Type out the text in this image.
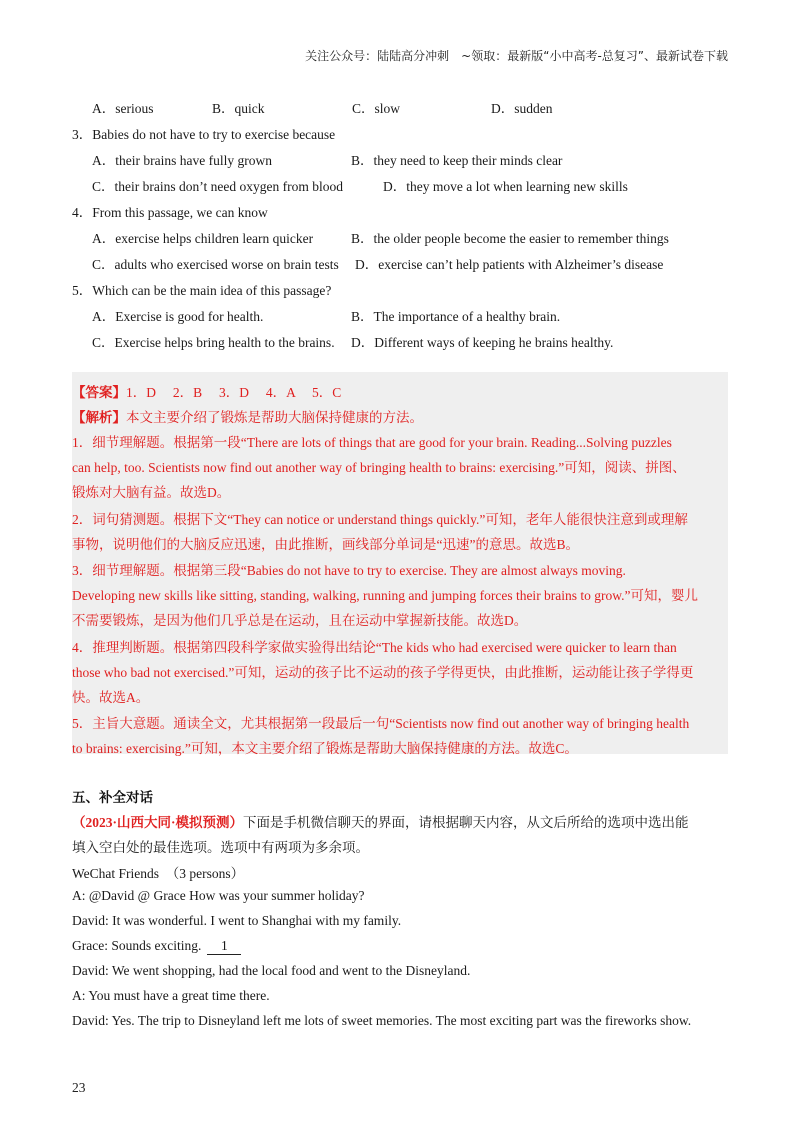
关注公众号：陆陆高分冲刺　~领取：最新版“小中高考-总复习”、最新试卷下载
A．serious	B．quick	C．slow	D．sudden
3．Babies do not have to try to exercise because
A．their brains have fully grown	B．they need to keep their minds clear
C．their brains don’t need oxygen from blood	D．they move a lot when learning new skills
4．From this passage, we can know
A．exercise helps children learn quicker	B．the older people become the easier to remember things
C．adults who exercised worse on brain tests D．exercise can’t help patients with Alzheimer’s disease
5．Which can be the main idea of this passage?
A．Exercise is good for health.	B．The importance of a healthy brain.
C．Exercise helps bring health to the brains. D．Different ways of keeping he brains healthy.
【答案】1．D　 2．B　 3．D　 4．A　 5．C
【解析】本文主要介绍了锻炼是帮助大脑保持健康的方法。
1．细节理解题。根据第一段“There are lots of things that are good for your brain. Reading...Solving puzzles
can help, too. Scientists now find out another way of bringing health to brains: exercising.”可知，阅读、拼图、
锻炼对大脑有益。故选D。
2．词句猜测题。根据下文“They can notice or understand things quickly.”可知，老年人能很快注意到或理解
事物，说明他们的大脑反应迅速，由此推断，画线部分单词是“迅速”的意思。故选B。
3．细节理解题。根据第三段“Babies do not have to try to exercise. They are almost always moving.
Developing new skills like sitting, standing, walking, running and jumping forces their brains to grow.”可知，婴儿
不需要锻炼，是因为他们几乎总是在运动，且在运动中掌握新技能。故选D。
4．推理判断题。根据第四段科学家做实验得出结论“The kids who had exercised were quicker to learn than
those who bad not exercised.”可知，运动的孩子比不运动的孩子学得更快，由此推断，运动能让孩子学得更
快。故选A。
5．主旨大意题。通读全文，尤其根据第一段最后一句“Scientists now find out another way of bringing health
to brains: exercising.”可知，本文主要介绍了锻炼是帮助大脑保持健康的方法。故选C。
五、补全对话
（2023·山西大同·模拟预测）下面是手机微信聊天的界面，请根据聊天内容，从文后所给的选项中选出能
填入空白处的最佳选项。选项中有两项为多余项。
WeChat Friends　（3 persons）
A: @David @ Grace How was your summer holiday?
David: It was wonderful. I went to Shanghai with my family.
Grace: Sounds exciting. 1
David: We went shopping, had the local food and went to the Disneyland.
A: You must have a great time there.
David: Yes. The trip to Disneyland left me lots of sweet memories. The most exciting part was the fireworks show.
23
